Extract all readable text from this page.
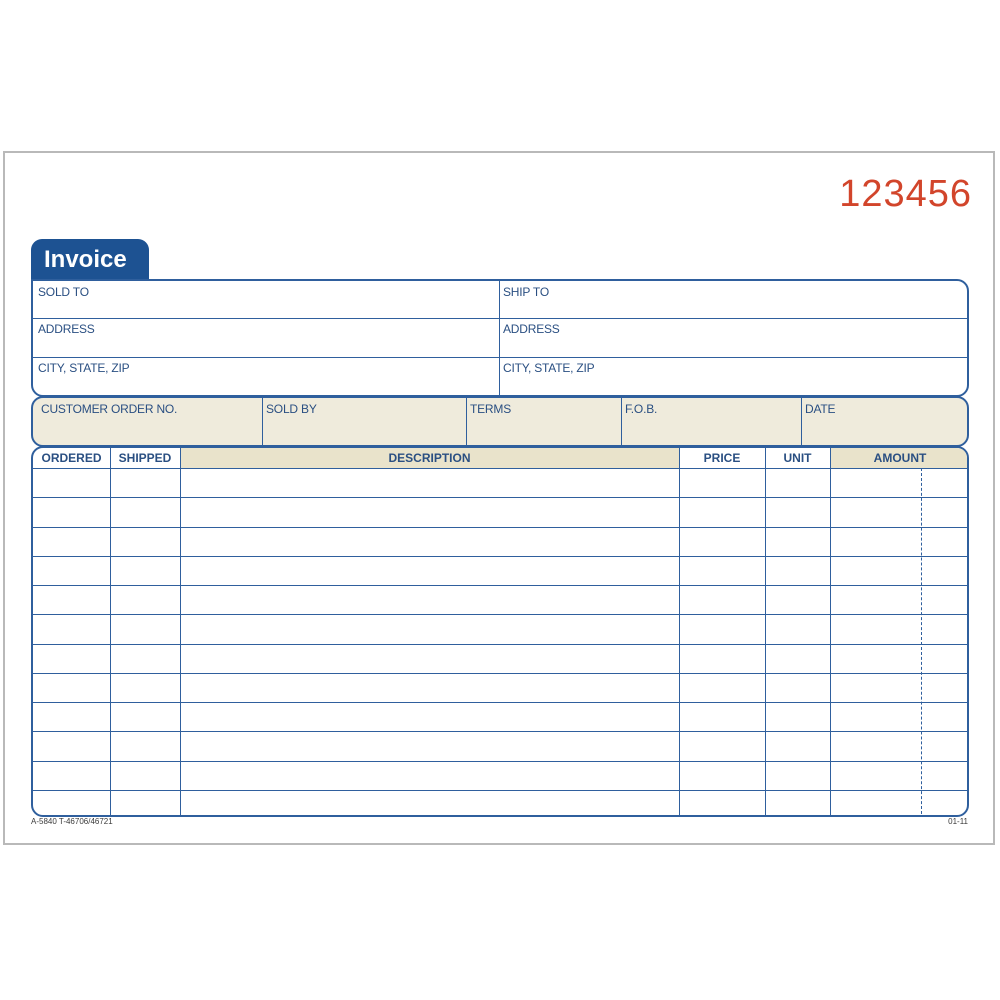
123456
Invoice
SOLD TO	SHIP TO
ADDRESS	ADDRESS
CITY, STATE, ZIP	CITY, STATE, ZIP
CUSTOMER ORDER NO.	SOLD BY	TERMS	F.O.B.	DATE
ORDERED	SHIPPED	DESCRIPTION	PRICE	UNIT	AMOUNT
A-5840 T-46706/46721	01-11
